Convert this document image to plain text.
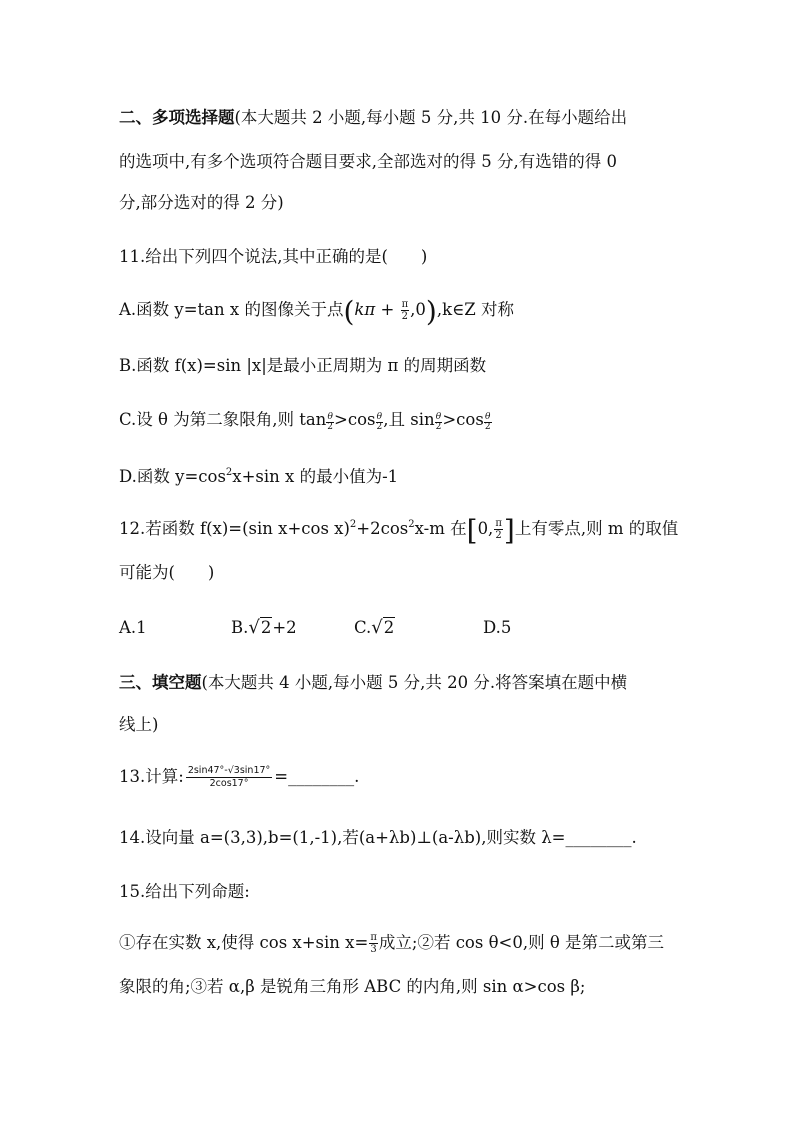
二、多项选择题(本大题共 2 小题,每小题 5 分,共 10 分.在每小题给出
的选项中,有多个选项符合题目要求,全部选对的得 5 分,有选错的得 0
分,部分选对的得 2 分)
11.给出下列四个说法,其中正确的是(　　)
A.函数 y=tan x 的图像关于点($k\pi + \frac{\pi}{2}$ ,0),k∈Z 对称
B.函数 f(x)=sin |x|是最小正周期为 π 的周期函数
C.设 θ 为第二象限角,则 $\tan \frac{\theta}{2} >\cos \frac{\theta}{2}$ ,且 $\sin \frac{\theta}{2} >\cos \frac{\theta}{2}$
D.函数 $y=\cos^2x+\sin$ x 的最小值为-1
12.若函数 f(x)=(sin x+cos $x)^2+2\cos^2x-m$ 在[0, $\frac{\pi}{2}$ ]上有零点,则 m 的取值
可能为(　　)
A.1	B.√2+2	C.√2	D.5
三、填空题(本大题共 4 小题,每小题 5 分,共 20 分.将答案填在题中横
线上)
13.计算: $\frac{2\sin 47^\circ-√3\sin 17^\circ}{2\cos 17^\circ}$ =________.
14.设向量 a=(3,3),b=(1,-1),若(a+λb)⊥(a-λb),则实数 λ=________.
15.给出下列命题:
①存在实数 x,使得 cos x+sin $x= \frac{\pi}{3}$ 成立;②若 cos θ<0,则 θ 是第二或第三
象限的角;③若 α,β 是锐角三角形 ABC 的内角,则 sin α>cos β;
